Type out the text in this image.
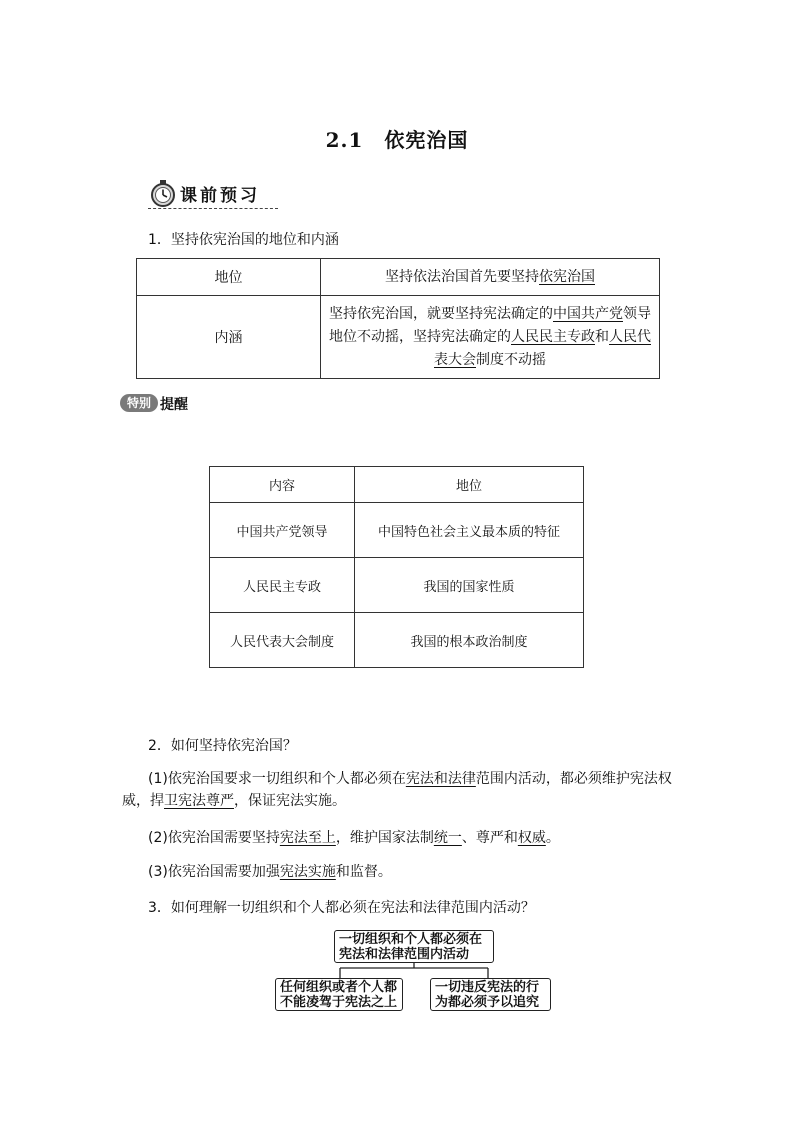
2.1　依宪治国
课前预习
1．坚持依宪治国的地位和内涵
地位	坚持依法治国首先要坚持依宪治国
内涵	坚持依宪治国，就要坚持宪法确定的中国共产党领导地位不动摇，坚持宪法确定的人民民主专政和人民代表大会制度不动摇
特别 提醒
内容	地位
中国共产党领导	中国特色社会主义最本质的特征
人民民主专政	我国的国家性质
人民代表大会制度	我国的根本政治制度
2．如何坚持依宪治国？
(1)依宪治国要求一切组织和个人都必须在宪法和法律范围内活动，都必须维护宪法权威，捍卫宪法尊严，保证宪法实施。
(2)依宪治国需要坚持宪法至上，维护国家法制统一、尊严和权威。
(3)依宪治国需要加强宪法实施和监督。
3．如何理解一切组织和个人都必须在宪法和法律范围内活动？
一切组织和个人都必须在
宪法和法律范围内活动
任何组织或者个人都
不能凌驾于宪法之上
一切违反宪法的行
为都必须予以追究
